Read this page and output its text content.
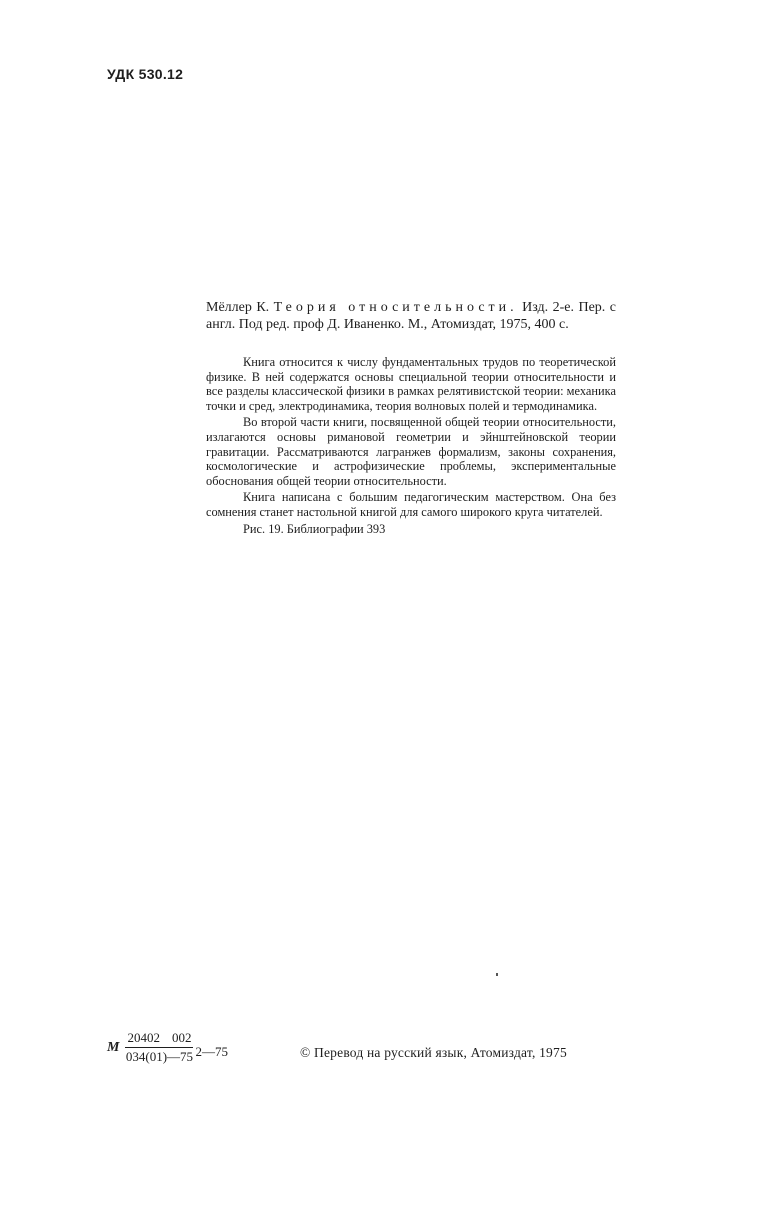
УДК 530.12
Мёллер К. Теория относительности. Изд. 2-е. Пер. с англ. Под ред. проф Д. Иваненко. М., Атомиздат, 1975, 400 с.

Книга относится к числу фундаментальных трудов по теоретической физике. В ней содержатся основы специальной теории относительности и все разделы классической физики в рамках релятивистской теории: механика точки и сред, электродинамика, теория волновых полей и термодинамика.

Во второй части книги, посвященной общей теории относительности, излагаются основы римановой геометрии и эйнштейновской теории гравитации. Рассматриваются лагранжев формализм, законы сохранения, космологические и астрофизические проблемы, экспериментальные обоснования общей теории относительности.

Книга написана с большим педагогическим мастерством. Она без сомнения станет настольной книгой для самого широкого круга читателей.

Рис. 19. Библиографии 393

М $\frac{20402 002}{034(01)—75}$ 2—75	© Перевод на русский язык, Атомиздат, 1975
